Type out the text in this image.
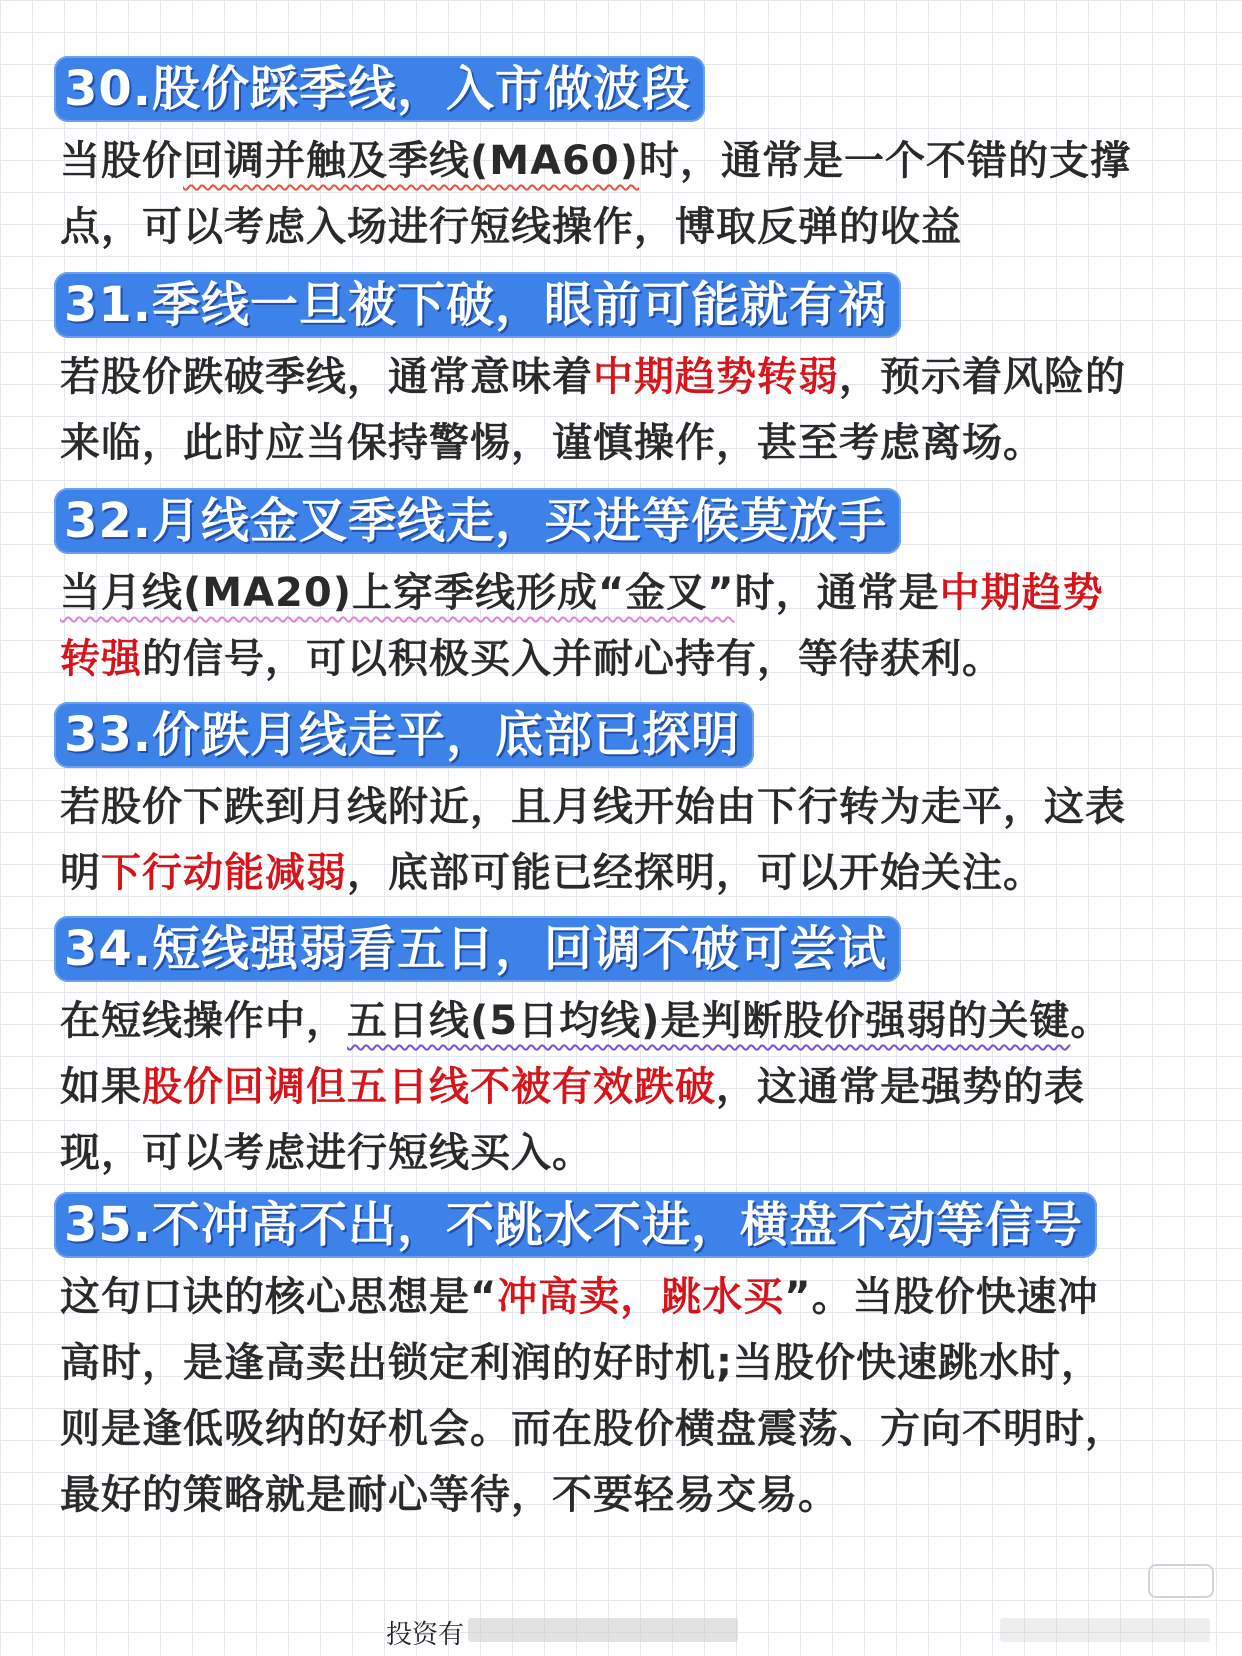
30.股价踩季线，入市做波段
当股价回调并触及季线(MA60)时，通常是一个不错的支撑
点，可以考虑入场进行短线操作，博取反弹的收益
31.季线一旦被下破，眼前可能就有祸
若股价跌破季线，通常意味着中期趋势转弱，预示着风险的
来临，此时应当保持警惕，谨慎操作，甚至考虑离场。
32.月线金叉季线走，买进等候莫放手
当月线(MA20)上穿季线形成“金叉”时，通常是中期趋势
转强的信号，可以积极买入并耐心持有，等待获利。
33.价跌月线走平，底部已探明
若股价下跌到月线附近，且月线开始由下行转为走平，这表
明下行动能减弱，底部可能已经探明，可以开始关注。
34.短线强弱看五日，回调不破可尝试
在短线操作中，五日线(5日均线)是判断股价强弱的关键。
如果股价回调但五日线不被有效跌破，这通常是强势的表
现，可以考虑进行短线买入。
35.不冲高不出，不跳水不进，横盘不动等信号
这句口诀的核心思想是“冲高卖，跳水买”。当股价快速冲
高时，是逢高卖出锁定利润的好时机;当股价快速跳水时，
则是逢低吸纳的好机会。而在股价横盘震荡、方向不明时，
最好的策略就是耐心等待，不要轻易交易。
投资有
